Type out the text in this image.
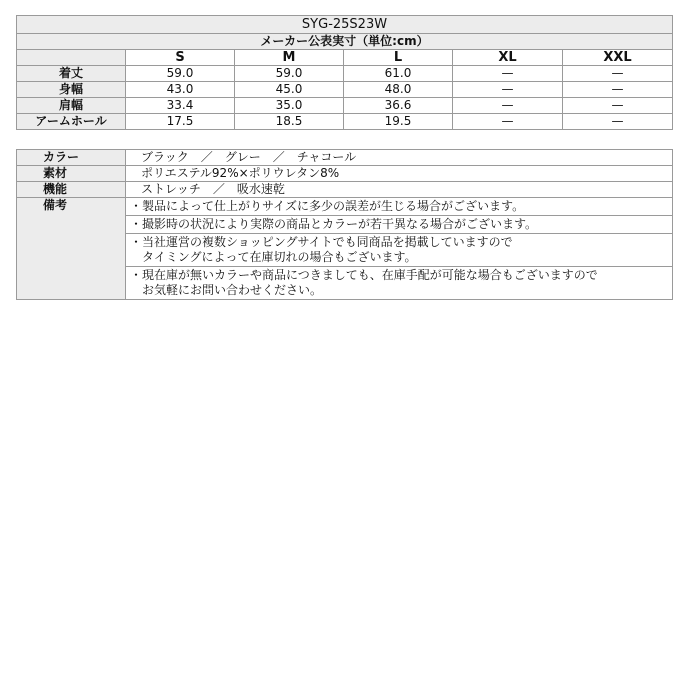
SYG-25S23W					
メーカー公表実寸（単位:cm）					
	S	M	L	XL	XXL
着丈	59.0	59.0	61.0	—	—
身幅	43.0	45.0	48.0	—	—
肩幅	33.4	35.0	36.6	—	—
アームホール	17.5	18.5	19.5	—	—
カラー	ブラック　／　グレー　／　チャコール
素材	ポリエステル92%×ポリウレタン8%
機能	ストレッチ　／　吸水速乾
備考	・製品によって仕上がりサイズに多少の誤差が生じる場合がございます。

	・撮影時の状況により実際の商品とカラーが若干異なる場合がございます。

	・当社運営の複数ショッピングサイトでも同商品を掲載していますので
　タイミングによって在庫切れの場合もございます。

	・現在庫が無いカラーや商品につきましても、在庫手配が可能な場合もございますので
　お気軽にお問い合わせください。
